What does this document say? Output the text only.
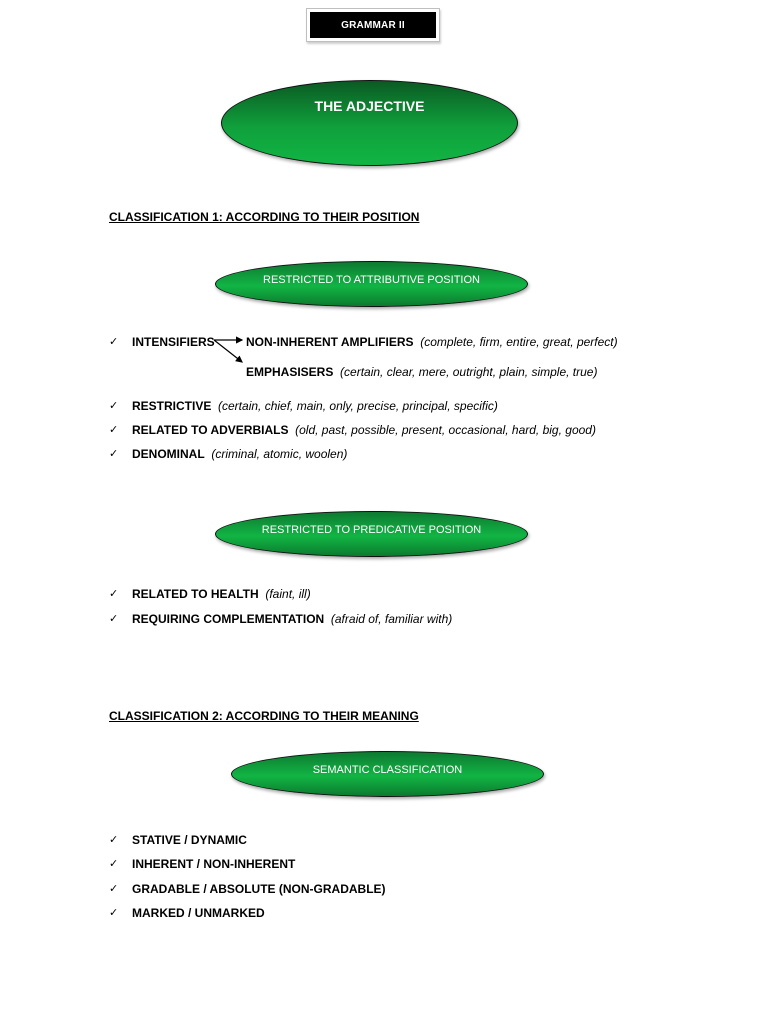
GRAMMAR II
THE ADJECTIVE
CLASSIFICATION 1: ACCORDING TO THEIR POSITION
RESTRICTED TO ATTRIBUTIVE POSITION
✓ INTENSIFIERS	NON-INHERENT AMPLIFIERS (complete, firm, entire, great, perfect)
EMPHASISERS (certain, clear, mere, outright, plain, simple, true)
✓ RESTRICTIVE (certain, chief, main, only, precise, principal, specific)
✓ RELATED TO ADVERBIALS (old, past, possible, present, occasional, hard, big, good)
✓ DENOMINAL (criminal, atomic, woolen)
RESTRICTED TO PREDICATIVE POSITION
✓ RELATED TO HEALTH (faint, ill)
✓ REQUIRING COMPLEMENTATION (afraid of, familiar with)
CLASSIFICATION 2: ACCORDING TO THEIR MEANING
SEMANTIC CLASSIFICATION
✓ STATIVE / DYNAMIC
✓ INHERENT / NON-INHERENT
✓ GRADABLE / ABSOLUTE (NON-GRADABLE)
✓ MARKED / UNMARKED
